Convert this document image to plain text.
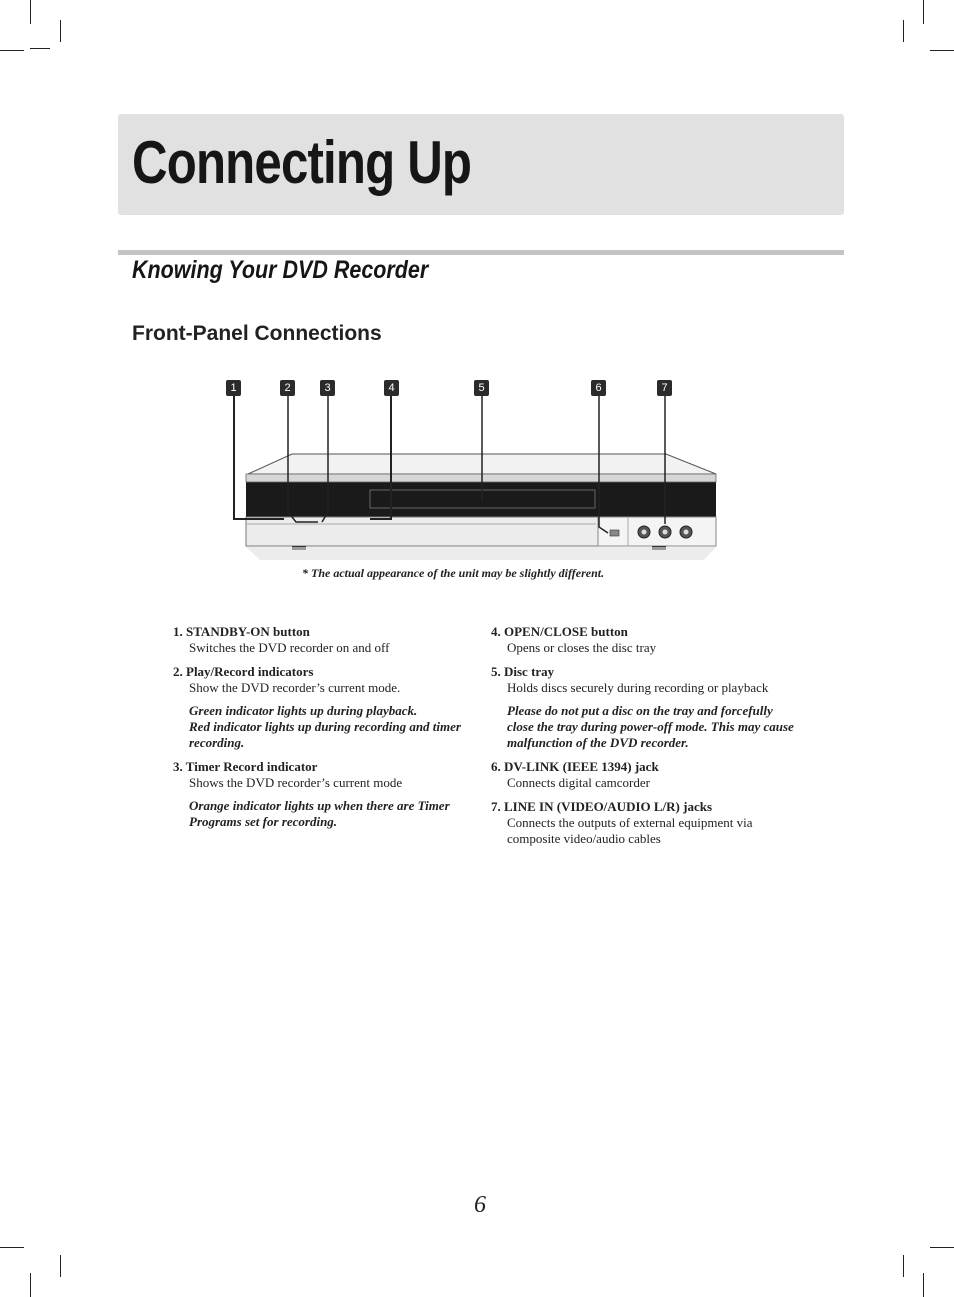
Connecting Up
Knowing Your DVD Recorder
Front-Panel Connections
1	2	3	4	5	6	7
* The actual appearance of the unit may be slightly different.
1. STANDBY-ON button
Switches the DVD recorder on and off
2. Play/Record indicators
Show the DVD recorder’s current mode.
Green indicator lights up during playback.
Red indicator lights up during recording and timer recording.
3. Timer Record indicator
Shows the DVD recorder’s current mode
Orange indicator lights up when there are Timer Programs set for recording.
4. OPEN/CLOSE button
Opens or closes the disc tray
5. Disc tray
Holds discs securely during recording or playback
Please do not put a disc on the tray and forcefully close the tray during power-off mode. This may cause malfunction of the DVD recorder.
6. DV-LINK (IEEE 1394) jack
Connects digital camcorder
7. LINE IN (VIDEO/AUDIO L/R) jacks
Connects the outputs of external equipment via composite video/audio cables
6
